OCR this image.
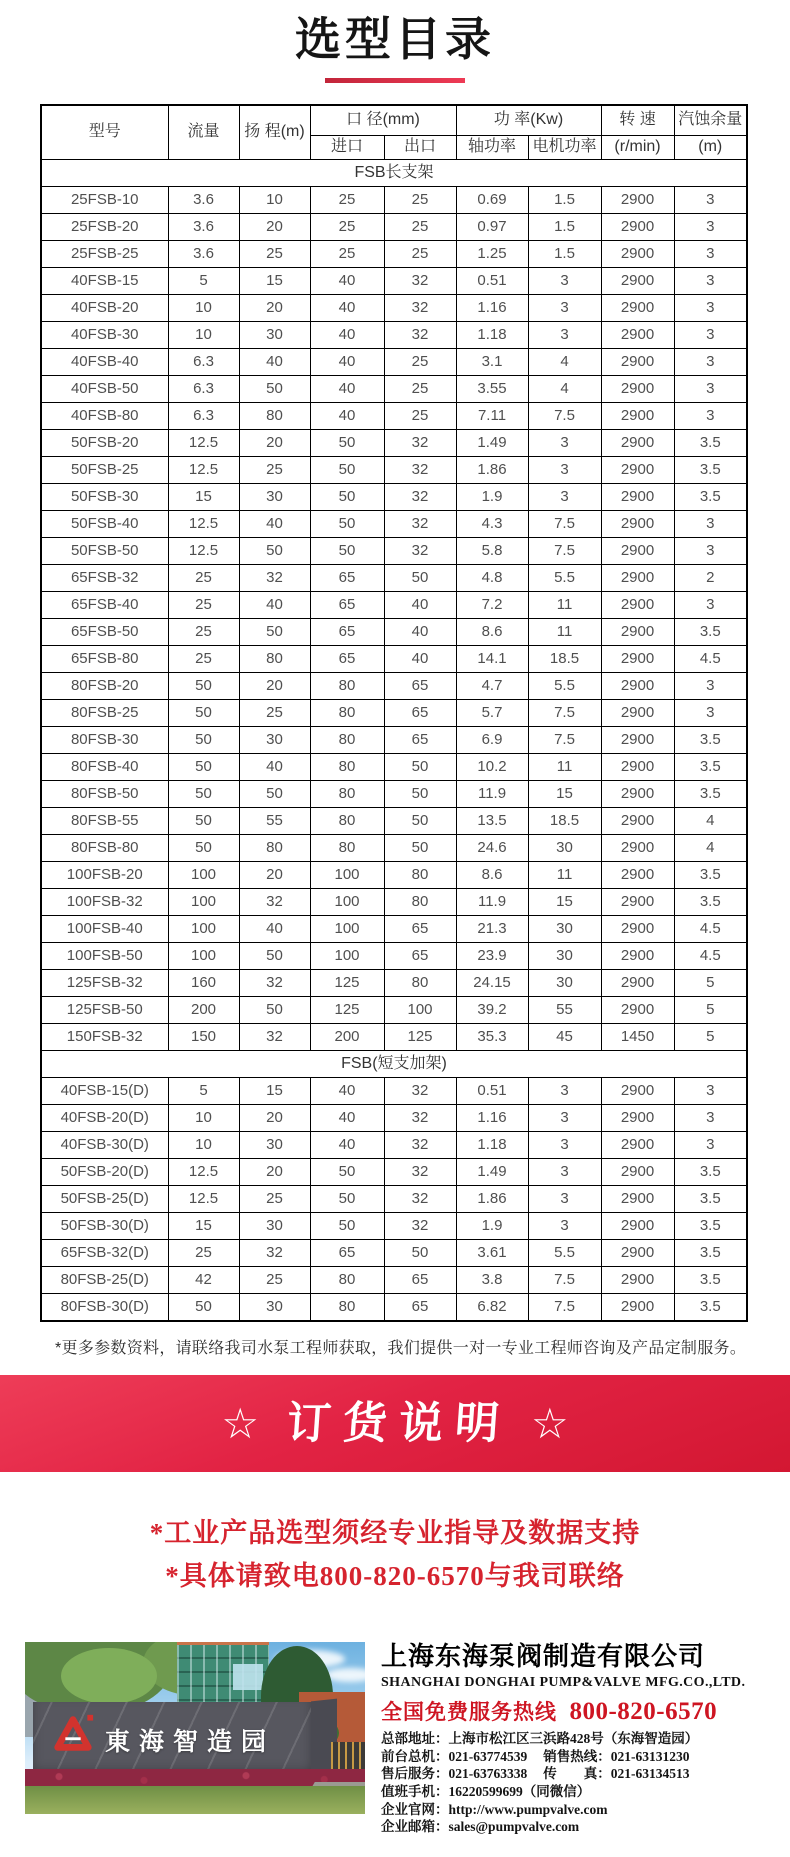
选型目录
型号	流量	扬 程(m)	口 径(mm)		功 率(Kw)		转 速	汽蚀余量
			进口	出口	轴功率	电机功率	(r/min)	(m)
FSB长支架								
25FSB-10	3.6	10	25	25	0.69	1.5	2900	3
25FSB-20	3.6	20	25	25	0.97	1.5	2900	3
25FSB-25	3.6	25	25	25	1.25	1.5	2900	3
40FSB-15	5	15	40	32	0.51	3	2900	3
40FSB-20	10	20	40	32	1.16	3	2900	3
40FSB-30	10	30	40	32	1.18	3	2900	3
40FSB-40	6.3	40	40	25	3.1	4	2900	3
40FSB-50	6.3	50	40	25	3.55	4	2900	3
40FSB-80	6.3	80	40	25	7.11	7.5	2900	3
50FSB-20	12.5	20	50	32	1.49	3	2900	3.5
50FSB-25	12.5	25	50	32	1.86	3	2900	3.5
50FSB-30	15	30	50	32	1.9	3	2900	3.5
50FSB-40	12.5	40	50	32	4.3	7.5	2900	3
50FSB-50	12.5	50	50	32	5.8	7.5	2900	3
65FSB-32	25	32	65	50	4.8	5.5	2900	2
65FSB-40	25	40	65	40	7.2	11	2900	3
65FSB-50	25	50	65	40	8.6	11	2900	3.5
65FSB-80	25	80	65	40	14.1	18.5	2900	4.5
80FSB-20	50	20	80	65	4.7	5.5	2900	3
80FSB-25	50	25	80	65	5.7	7.5	2900	3
80FSB-30	50	30	80	65	6.9	7.5	2900	3.5
80FSB-40	50	40	80	50	10.2	11	2900	3.5
80FSB-50	50	50	80	50	11.9	15	2900	3.5
80FSB-55	50	55	80	50	13.5	18.5	2900	4
80FSB-80	50	80	80	50	24.6	30	2900	4
100FSB-20	100	20	100	80	8.6	11	2900	3.5
100FSB-32	100	32	100	80	11.9	15	2900	3.5
100FSB-40	100	40	100	65	21.3	30	2900	4.5
100FSB-50	100	50	100	65	23.9	30	2900	4.5
125FSB-32	160	32	125	80	24.15	30	2900	5
125FSB-50	200	50	125	100	39.2	55	2900	5
150FSB-32	150	32	200	125	35.3	45	1450	5
FSB(短支加架)								
40FSB-15(D)	5	15	40	32	0.51	3	2900	3
40FSB-20(D)	10	20	40	32	1.16	3	2900	3
40FSB-30(D)	10	30	40	32	1.18	3	2900	3
50FSB-20(D)	12.5	20	50	32	1.49	3	2900	3.5
50FSB-25(D)	12.5	25	50	32	1.86	3	2900	3.5
50FSB-30(D)	15	30	50	32	1.9	3	2900	3.5
65FSB-32(D)	25	32	65	50	3.61	5.5	2900	3.5
80FSB-25(D)	42	25	80	65	3.8	7.5	2900	3.5
80FSB-30(D)	50	30	80	65	6.82	7.5	2900	3.5

*更多参数资料，请联络我司水泵工程师获取，我们提供一对一专业工程师咨询及产品定制服务。

☆ 订货说明 ☆
*工业产品选型须经专业指导及数据支持
*具体请致电800-820-6570与我司联络
東海智造园
上海东海泵阀制造有限公司
SHANGHAI DONGHAI PUMP&VALVE MFG.CO.,LTD.
全国免费服务热线 800-820-6570

总部地址：上海市松江区三浜路428号（东海智造园）

前台总机：021-63774539 销售热线：021-63131230

售后服务：021-63763338 传　　真：021-63134513

值班手机：16220599699（同微信）

企业官网：http://www.pumpvalve.com

企业邮箱：sales@pumpvalve.com
